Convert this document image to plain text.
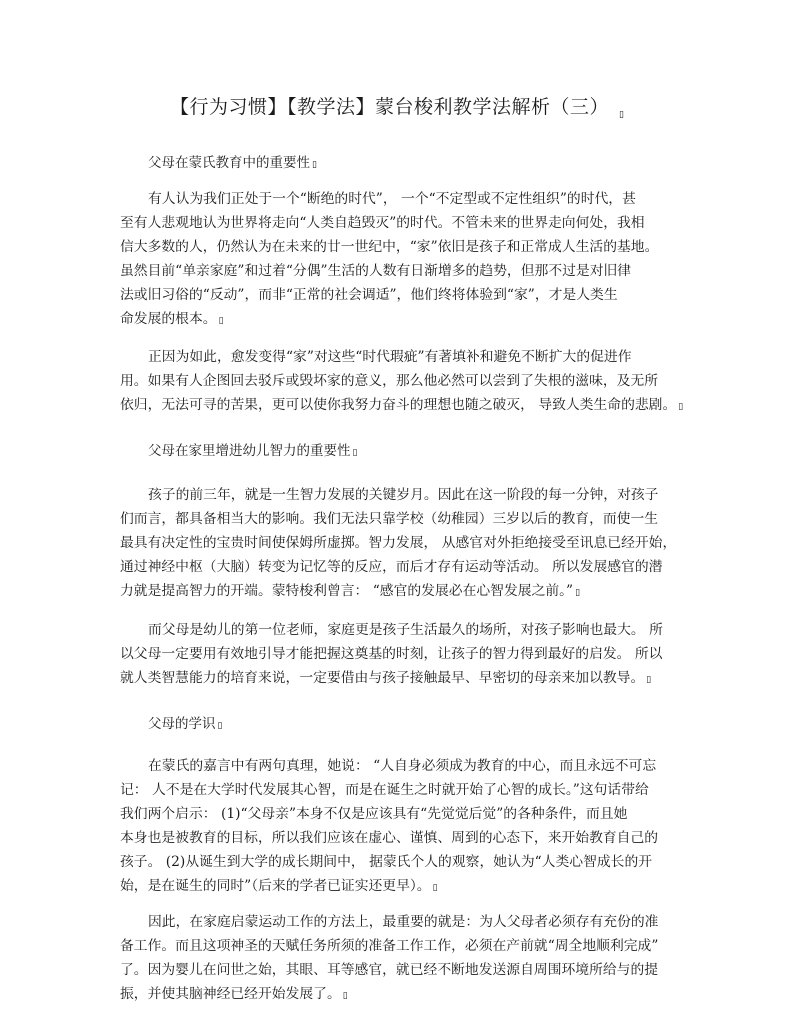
【行为习惯】【教学法】蒙台梭利教学法解析（三） $_▯$
父母在蒙氏教育中的重要性 ▯
有人认为我们正处于一个“断绝的时代”， 一个“不定型或不定性组织”的时代，甚
至有人悲观地认为世界将走向“人类自趋毁灭”的时代。不管未来的世界走向何处，我相
信大多数的人，仍然认为在未来的廿一世纪中，“家”依旧是孩子和正常成人生活的基地。
虽然目前“单亲家庭”和过着“分偶”生活的人数有日渐增多的趋势，但那不过是对旧律
法或旧习俗的“反动”，而非“正常的社会调适”，他们终将体验到“家”，才是人类生
命发展的根本。 ▯
正因为如此，愈发变得“家”对这些“时代瑕疵”有著填补和避免不断扩大的促进作
用。如果有人企图回去驳斥或毁坏家的意义，那么他必然可以尝到了失根的滋味，及无所
依归，无法可寻的苦果，更可以使你我努力奋斗的理想也随之破灭， 导致人类生命的悲剧。 ▯
父母在家里增进幼儿智力的重要性 ▯
孩子的前三年，就是一生智力发展的关键岁月。因此在这一阶段的每一分钟，对孩子
们而言，都具备相当大的影响。我们无法只靠学校（幼稚园）三岁以后的教育，而使一生
最具有决定性的宝贵时间使保姆所虚掷。智力发展， 从感官对外拒绝接受至讯息已经开始，
通过神经中枢（大脑）转变为记忆等的反应，而后才存有运动等活动。 所以发展感官的潜
力就是提高智力的开端。蒙特梭利曾言： “感官的发展必在心智发展之前。” ▯
而父母是幼儿的第一位老师，家庭更是孩子生活最久的场所，对孩子影响也最大。 所
以父母一定要用有效地引导才能把握这奠基的时刻，让孩子的智力得到最好的启发。 所以
就人类智慧能力的培育来说，一定要借由与孩子接触最早、早密切的母亲来加以教导。 ▯
父母的学识 ▯
在蒙氏的嘉言中有两句真理，她说： “人自身必须成为教育的中心，而且永远不可忘
记： 人不是在大学时代发展其心智，而是在诞生之时就开始了心智的成长。”这句话带给
我们两个启示： (1)“父母亲”本身不仅是应该具有“先觉觉后觉”的各种条件，而且她
本身也是被教育的目标，所以我们应该在虚心、谨慎、周到的心态下，来开始教育自己的
孩子。 (2)从诞生到大学的成长期间中， 据蒙氏个人的观察，她认为“人类心智成长的开
始，是在诞生的同时”（后来的学者已证实还更早）。 ▯
因此，在家庭启蒙运动工作的方法上，最重要的就是：为人父母者必须存有充份的准
备工作。而且这项神圣的天赋任务所须的准备工作工作，必须在产前就“周全地顺利完成”
了。因为婴儿在问世之始，其眼、耳等感官，就已经不断地发送源自周围环境所给与的提
振，并使其脑神经已经开始发展了。 ▯
